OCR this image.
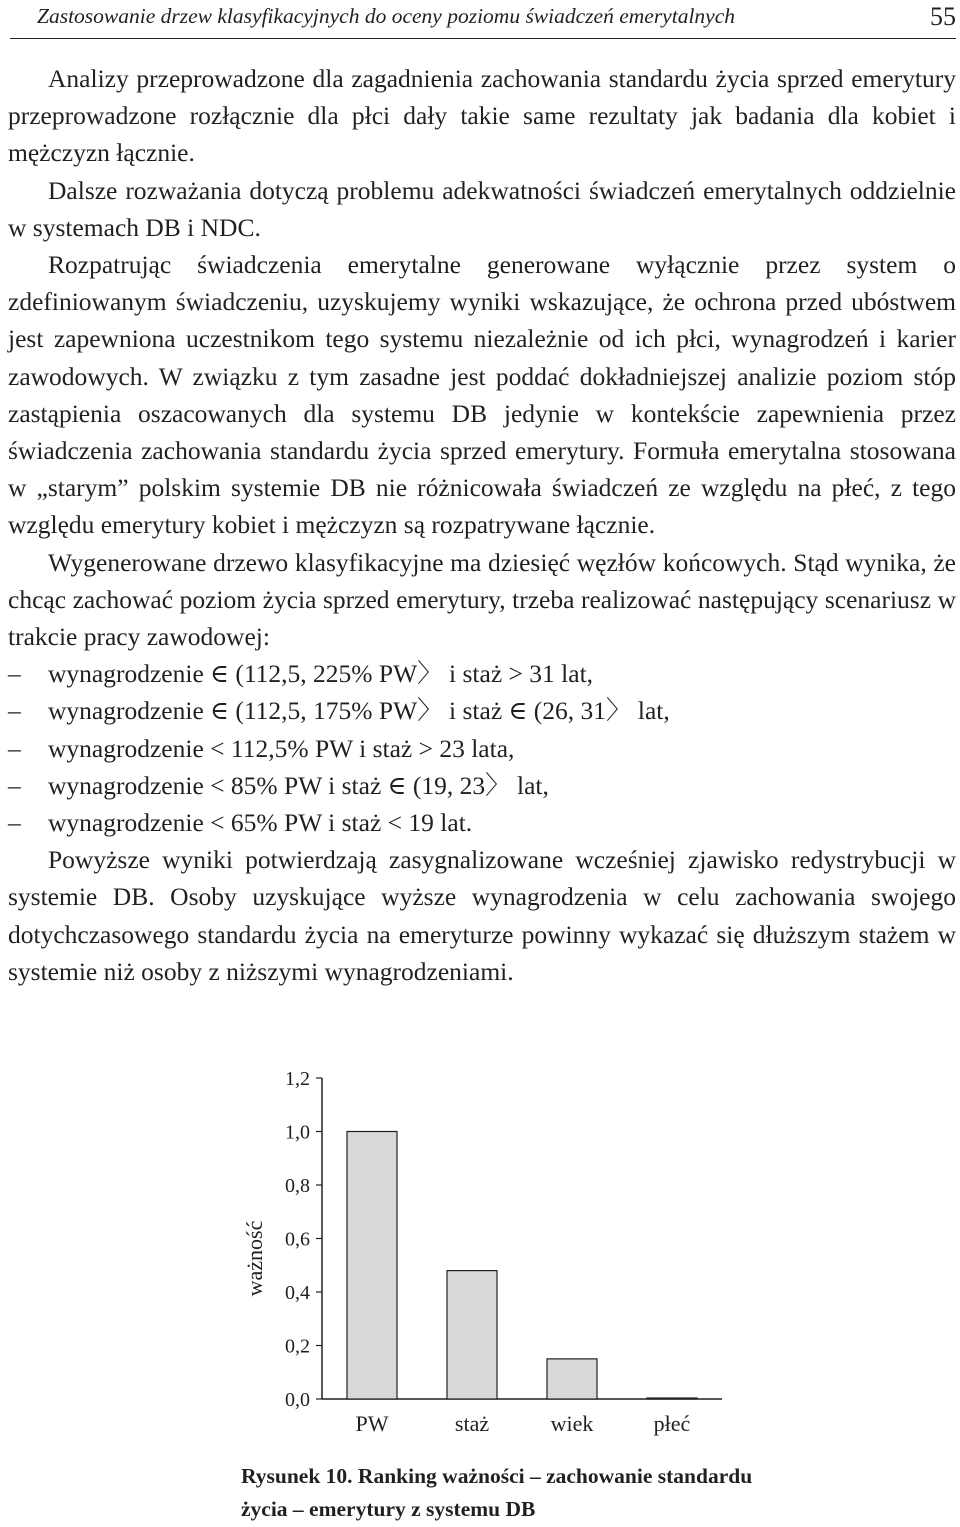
Zastosowanie drzew klasyfikacyjnych do oceny poziomu świadczeń emerytalnych	55

Analizy przeprowadzone dla zagadnienia zachowania standardu życia sprzed emerytury przeprowadzone rozłącznie dla płci dały takie same rezultaty jak badania dla kobiet i mężczyzn łącznie.

Dalsze rozważania dotyczą problemu adekwatności świadczeń emerytalnych oddzielnie w systemach DB i NDC.

Rozpatrując świadczenia emerytalne generowane wyłącznie przez system o zdefiniowanym świadczeniu, uzyskujemy wyniki wskazujące, że ochrona przed ubóstwem jest zapewniona uczestnikom tego systemu niezależnie od ich płci, wynagrodzeń i karier zawodowych. W związku z tym zasadne jest poddać dokładniejszej analizie poziom stóp zastąpienia oszacowanych dla systemu DB jedynie w kontekście zapewnienia przez świadczenia zachowania standardu życia sprzed emerytury. Formuła emerytalna stosowana w „starym” polskim systemie DB nie różnicowała świadczeń ze względu na płeć, z tego względu emerytury kobiet i mężczyzn są rozpatrywane łącznie.

Wygenerowane drzewo klasyfikacyjne ma dziesięć węzłów końcowych. Stąd wynika, że chcąc zachować poziom życia sprzed emerytury, trzeba realizować następujący scenariusz w trakcie pracy zawodowej:

–	wynagrodzenie ∈ (112,5, 225% PW〉 i staż > 31 lat,
–	wynagrodzenie ∈ (112,5, 175% PW〉 i staż ∈ (26, 31〉 lat,
–	wynagrodzenie < 112,5% PW i staż > 23 lata,
–	wynagrodzenie < 85% PW i staż ∈ (19, 23〉 lat,
–	wynagrodzenie < 65% PW i staż < 19 lat.

Powyższe wyniki potwierdzają zasygnalizowane wcześniej zjawisko redystrybucji w systemie DB. Osoby uzyskujące wyższe wynagrodzenia w celu zachowania swojego dotychczasowego standardu życia na emeryturze powinny wykazać się dłuższym stażem w systemie niż osoby z niższymi wynagrodzeniami.

0,0
0,2
0,4
0,6
0,8
1,0
1,2
PW	staż	wiek	płeć
ważność
Rysunek 10. Ranking ważności – zachowanie standardu
życia – emerytury z systemu DB
